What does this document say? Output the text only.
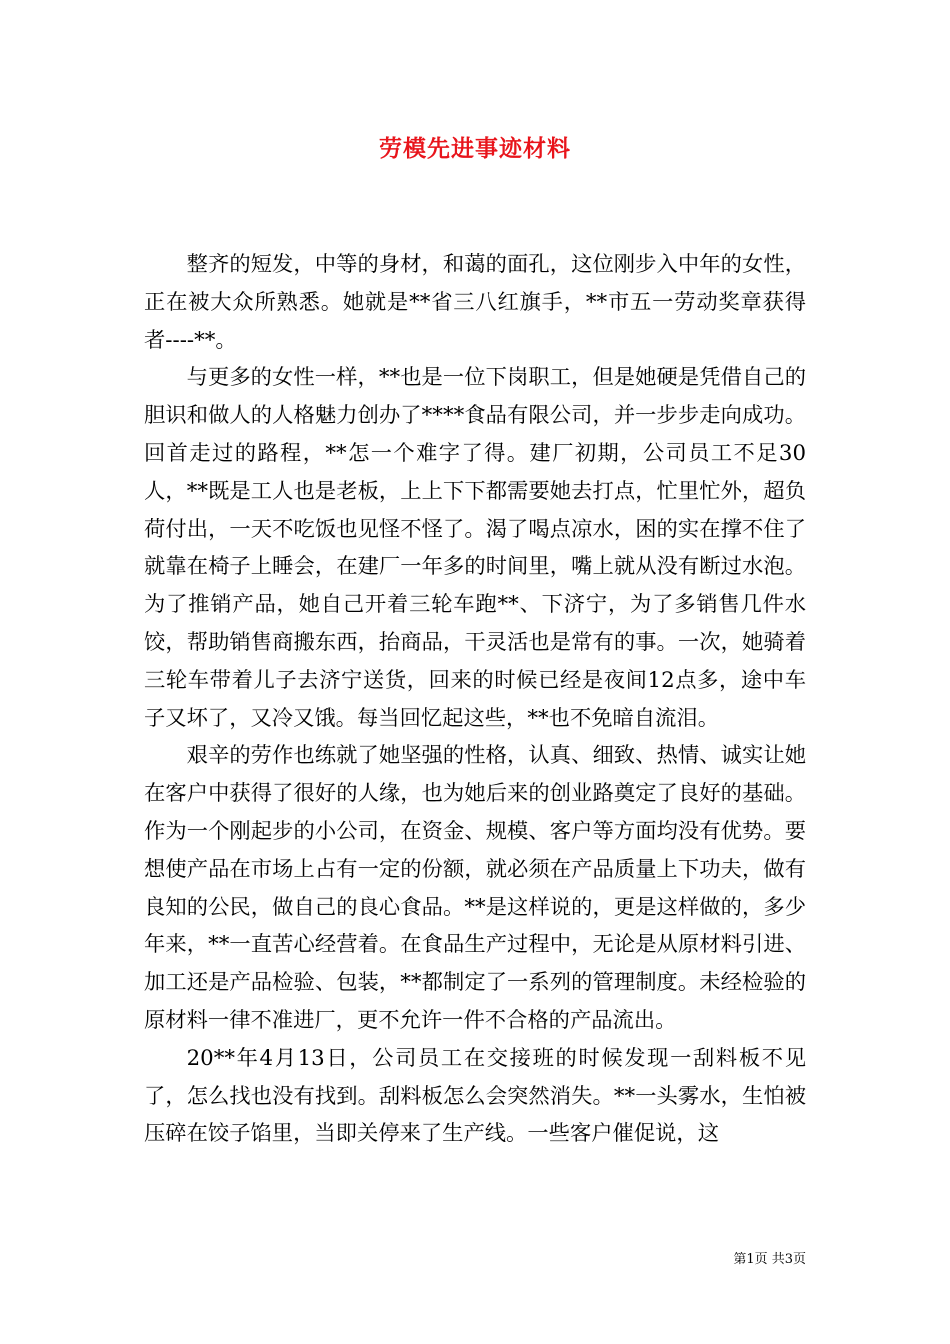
劳模先进事迹材料

整齐的短发，中等的身材，和蔼的面孔，这位刚步入中年的女性，正在被大众所熟悉。她就是**省三八红旗手，**市五一劳动奖章获得者----**。

与更多的女性一样，**也是一位下岗职工，但是她硬是凭借自己的胆识和做人的人格魅力创办了****食品有限公司，并一步步走向成功。回首走过的路程，**怎一个难字了得。建厂初期，公司员工不足30人，**既是工人也是老板，上上下下都需要她去打点，忙里忙外，超负荷付出，一天不吃饭也见怪不怪了。渴了喝点凉水，困的实在撑不住了就靠在椅子上睡会，在建厂一年多的时间里，嘴上就从没有断过水泡。为了推销产品，她自己开着三轮车跑**、下济宁，为了多销售几件水饺，帮助销售商搬东西，抬商品，干灵活也是常有的事。一次，她骑着三轮车带着儿子去济宁送货，回来的时候已经是夜间12点多，途中车子又坏了，又冷又饿。每当回忆起这些，**也不免暗自流泪。

艰辛的劳作也练就了她坚强的性格，认真、细致、热情、诚实让她在客户中获得了很好的人缘，也为她后来的创业路奠定了良好的基础。作为一个刚起步的小公司，在资金、规模、客户等方面均没有优势。要想使产品在市场上占有一定的份额，就必须在产品质量上下功夫，做有良知的公民，做自己的良心食品。**是这样说的，更是这样做的，多少年来，**一直苦心经营着。在食品生产过程中，无论是从原材料引进、加工还是产品检验、包装，**都制定了一系列的管理制度。未经检验的原材料一律不准进厂，更不允许一件不合格的产品流出。

20**年4月13日，公司员工在交接班的时候发现一刮料板不见了，怎么找也没有找到。刮料板怎么会突然消失。**一头雾水，生怕被压碎在饺子馅里，当即关停来了生产线。一些客户催促说，这

第1页 共3页
